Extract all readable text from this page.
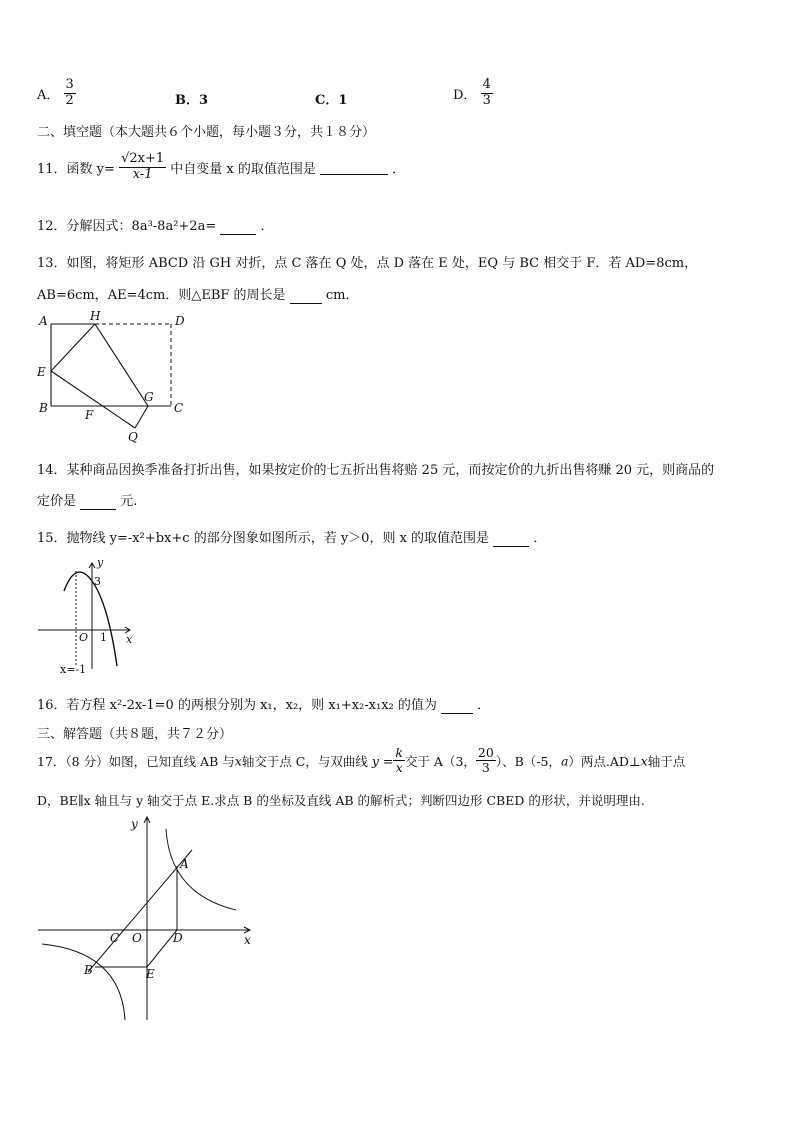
A． $\frac{3}{2}$	B．3	C．1	D． $\frac{4}{3}$
二、填空题（本大题共６个小题，每小题３分，共１８分）
11．函数 $y= \frac{√2x+1}{x-1}$ 中自变量 x 的取值范围是	．
12．分解因式：8a³-8a²+2a=	．
13．如图，将矩形 ABCD 沿 GH 对折，点 C 落在 Q 处，点 D 落在 E 处，EQ 与 BC 相交于 F．若 AD=8cm，
AB=6cm，AE=4cm．则△EBF 的周长是	cm．
A	H	D
E
B	F
G
C
Q
14．某种商品因换季准备打折出售，如果按定价的七五折出售将赔 25 元，而按定价的九折出售将赚 20 元，则商品的
定价是	元.
15．抛物线 y=-x²+bx+c 的部分图象如图所示，若 y＞0，则 x 的取值范围是	．
y
3
O 1 x
x=-1
16．若方程 x²-2x-1=0 的两根分别为 x₁，x₂，则 x₁+x₂-x₁x₂ 的值为	．
三、解答题（共８题，共７２分）
17．（8 分）如图，已知直线 AB 与x轴交于点 C，与双曲线 $y = \frac{k}{x}$ 交于 A（3， $\frac{20}{3}$ ）、B（-5，a）两点.AD⊥x轴于点
D，BE∥x 轴且与 y 轴交于点 E.求点 B 的坐标及直线 AB 的解析式；判断四边形 CBED 的形状，并说明理由.
y
A
C O	D	x
B	E
